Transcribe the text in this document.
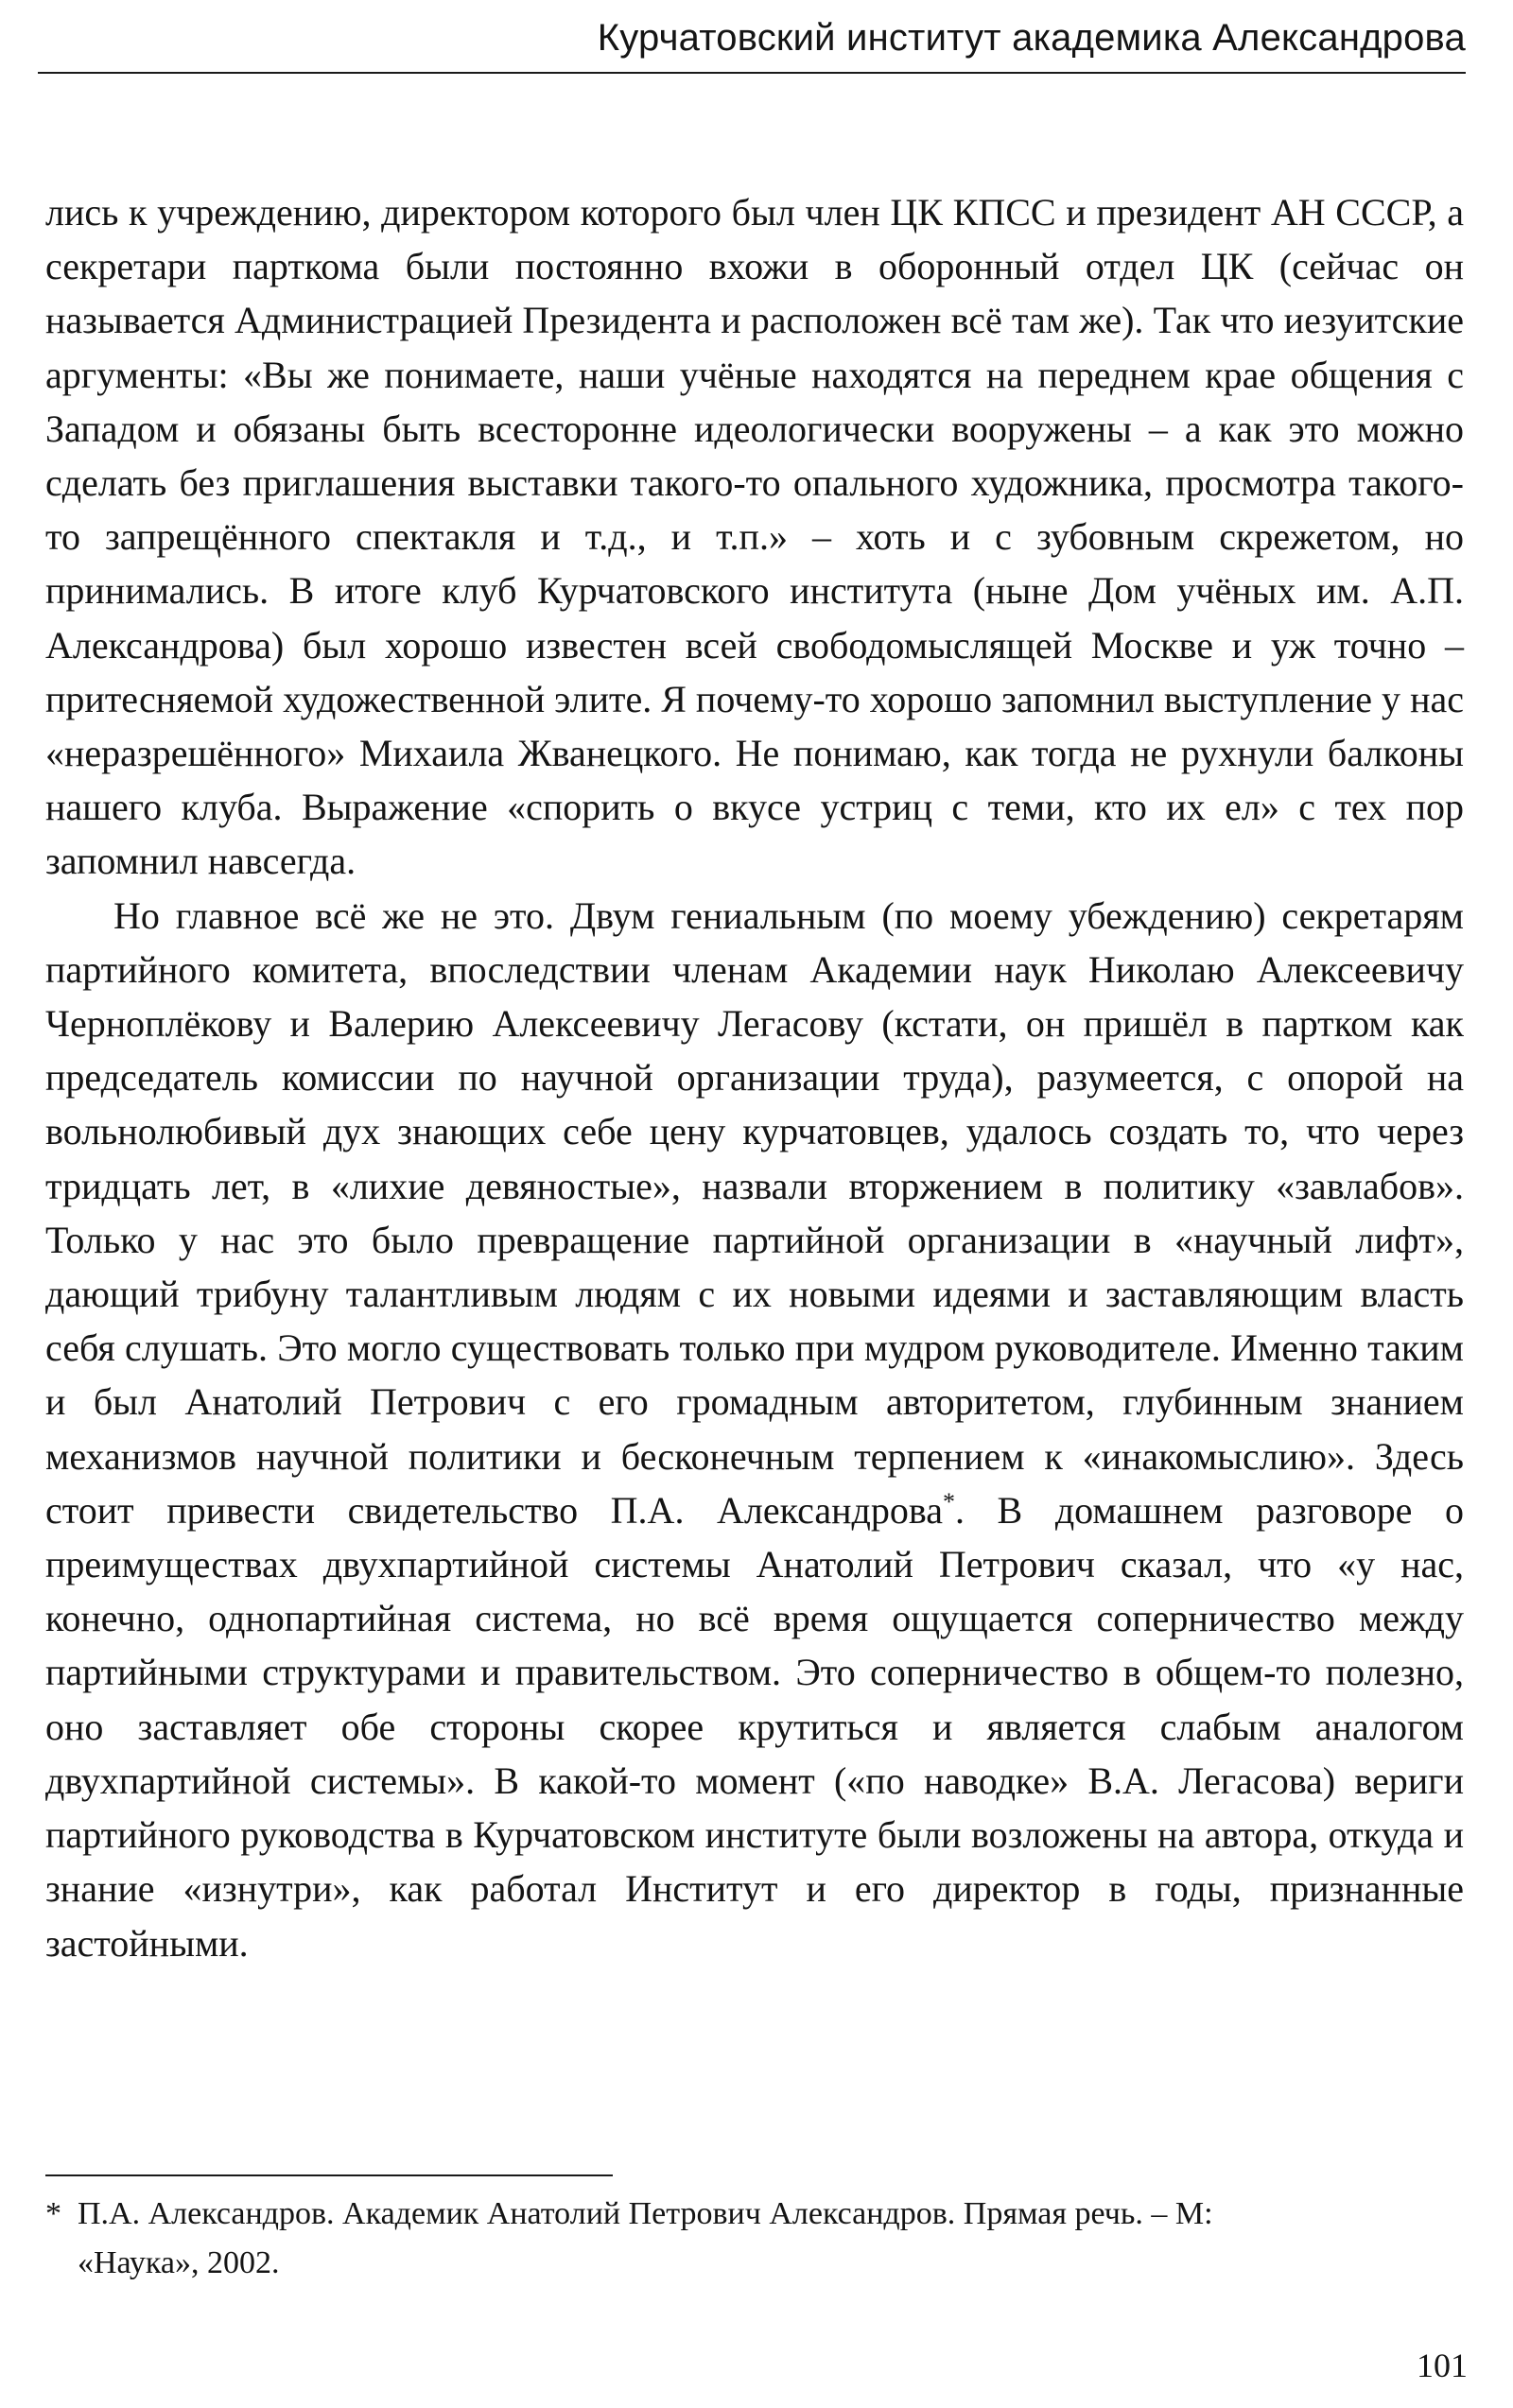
Курчатовский институт академика Александрова

лись к учреждению, директором которого был член ЦК КПСС и президент АН СССР, а секретари парткома были постоянно вхожи в оборонный отдел ЦК (сейчас он называется Администрацией Президента и расположен всё там же). Так что иезуитские аргументы: «Вы же понимаете, наши учёные находятся на переднем крае общения с Западом и обязаны быть всестороннe идеологически вооружены – а как это можно сделать без приглашения выставки такого-то опального художника, просмотра такого-то запрещённого спектакля и т.д., и т.п.» – хоть и с зубовным скрежетом, но принимались. В итоге клуб Курчатовского института (ныне Дом учёных им. А.П. Александрова) был хорошо известен всей свободомыслящей Москве и уж точно – притесняемой художественной элите. Я почему-то хорошо запомнил выступление у нас «неразрешённого» Михаила Жванецкого. Не понимаю, как тогда не рухнули балконы нашего клуба. Выражение «спорить о вкусе устриц с теми, кто их ел» с тех пор запомнил навсегда.

Но главное всё же не это. Двум гениальным (по моему убеждению) секретарям партийного комитета, впоследствии членам Академии наук Николаю Алексеевичу Черноплёкову и Валерию Алексеевичу Легасову (кстати, он пришёл в партком как председатель комиссии по научной организации труда), разумеется, с опорой на вольнолюбивый дух знающих себе цену курчатовцев, удалось создать то, что через тридцать лет, в «лихие девяностые», назвали вторжением в политику «завлабов». Только у нас это было превращение партийной организации в «научный лифт», дающий трибуну талантливым людям с их новыми идеями и заставляющим власть себя слушать. Это могло существовать только при мудром руководителе. Именно таким и был Анатолий Петрович с его громадным авторитетом, глубинным знанием механизмов научной политики и бесконечным терпением к «инакомыслию». Здесь стоит привести свидетельство П.А. Александрова*. В домашнем разговоре о преимуществах двухпартийной системы Анатолий Петрович сказал, что «у нас, конечно, однопартийная система, но всё время ощущается соперничество между партийными структурами и правительством. Это соперничество в общем-то полезно, оно заставляет обе стороны скорее крутиться и является слабым аналогом двухпартийной системы». В какой-то момент («по наводке» В.А. Легасова) вериги партийного руководства в Курчатовском институте были возложены на автора, откуда и знание «изнутри», как работал Институт и его директор в годы, признанные застойными.

* П.А. Александров. Академик Анатолий Петрович Александров. Прямая речь. – М:
«Наука», 2002.
101
